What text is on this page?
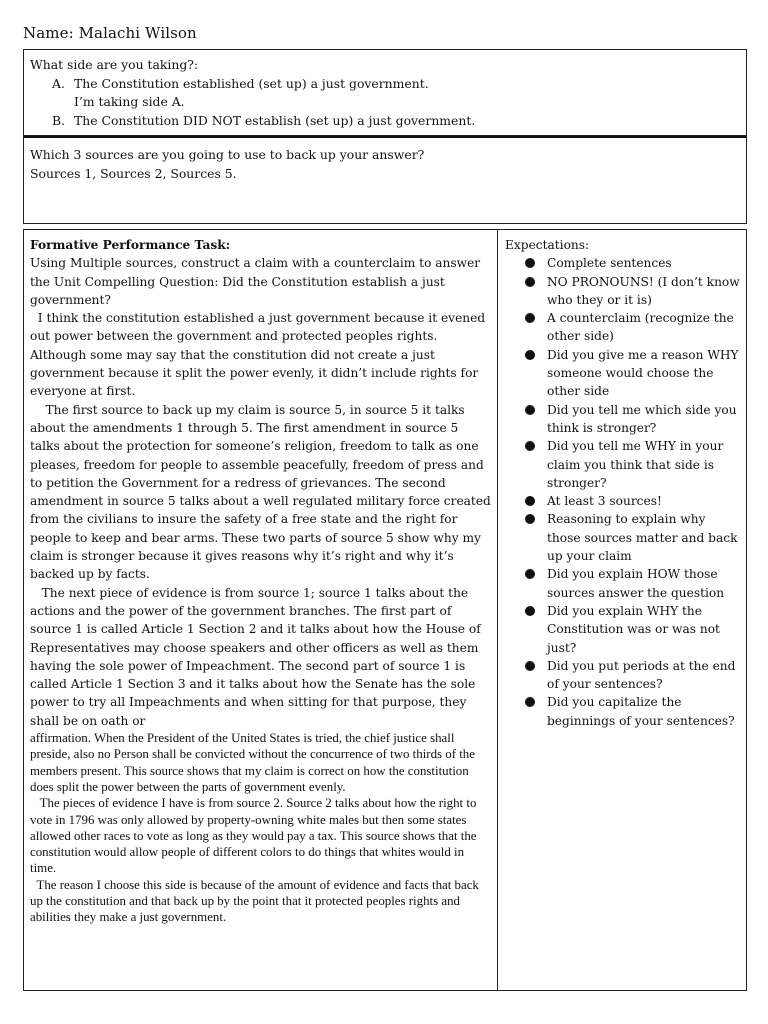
Name: Malachi Wilson
What side are you taking?:
A. The Constitution established (set up) a just government.
I’m taking side A.
B. The Constitution DID NOT establish (set up) a just government.
Which 3 sources are you going to use to back up your answer?
Sources 1, Sources 2, Sources 5.
Formative Performance Task:

Using Multiple sources, construct a claim with a counterclaim to answer the Unit Compelling Question: Did the Constitution establish a just government?

I think the constitution established a just government because it evened out power between the government and protected peoples rights. Although some may say that the constitution did not create a just government because it split the power evenly, it didn’t include rights for everyone at first.

The first source to back up my claim is source 5, in source 5 it talks about the amendments 1 through 5. The first amendment in source 5 talks about the protection for someone’s religion, freedom to talk as one pleases, freedom for people to assemble peacefully, freedom of press and to petition the Government for a redress of grievances. The second amendment in source 5 talks about a well regulated military force created from the civilians to insure the safety of a free state and the right for people to keep and bear arms. These two parts of source 5 show why my claim is stronger because it gives reasons why it’s right and why it’s backed up by facts.

The next piece of evidence is from source 1; source 1 talks about the actions and the power of the government branches. The first part of source 1 is called Article 1 Section 2 and it talks about how the House of Representatives may choose speakers and other officers as well as them having the sole power of Impeachment. The second part of source 1 is called Article 1 Section 3 and it talks about how the Senate has the sole power to try all Impeachments and when sitting for that purpose, they shall be on oath or

affirmation. When the President of the United States is tried, the chief justice shall preside, also no Person shall be convicted without the concurrence of two thirds of the members present. This source shows that my claim is correct on how the constitution does split the power between the parts of government evenly.

The pieces of evidence I have is from source 2. Source 2 talks about how the right to vote in 1796 was only allowed by property-owning white males but then some states allowed other races to vote as long as they would pay a tax. This source shows that the constitution would allow people of different colors to do things that whites would in time.

The reason I choose this side is because of the amount of evidence and facts that back up the constitution and that back up by the point that it protected peoples rights and abilities they make a just government.

Expectations:
Complete sentences
NO PRONOUNS! (I don’t know who they or it is)
A counterclaim (recognize the other side)
Did you give me a reason WHY someone would choose the other side
Did you tell me which side you think is stronger?
Did you tell me WHY in your claim you think that side is stronger?
At least 3 sources!
Reasoning to explain why those sources matter and back up your claim
Did you explain HOW those sources answer the question
Did you explain WHY the Constitution was or was not just?
Did you put periods at the end of your sentences?
Did you capitalize the beginnings of your sentences?
